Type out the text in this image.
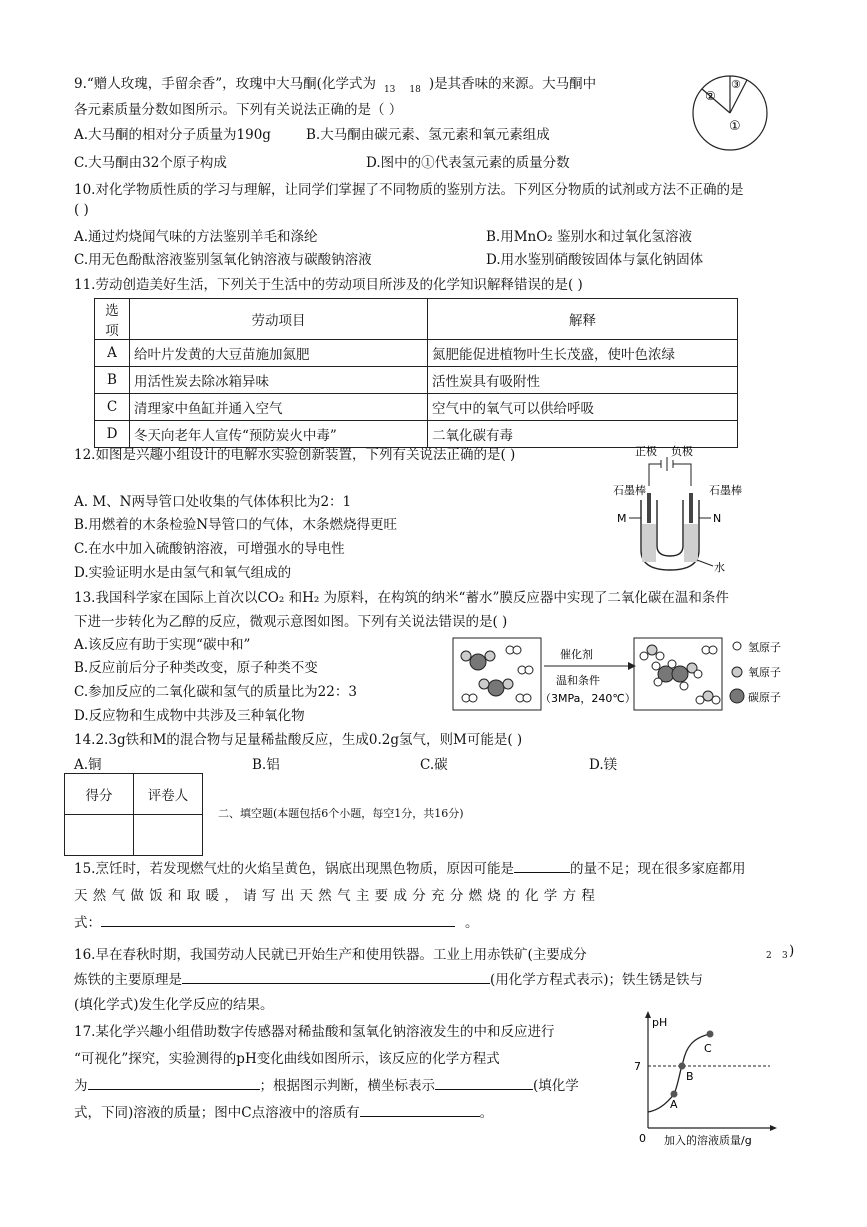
9.“赠人玫瑰，手留余香”，玫瑰中大马酮(化学式为 $_{13}$ $_{18}$ )是其香味的来源。大马酮中
各元素质量分数如图所示。下列有关说法正确的是（ ）
A.大马酮的相对分子质量为190g	B.大马酮由碳元素、氢元素和氧元素组成
C.大马酮由32个原子构成	D.图中的①代表氢元素的质量分数
①
②
③
10.对化学物质性质的学习与理解，让同学们掌握了不同物质的鉴别方法。下列区分物质的试剂或方法不正确的是
( )
A.通过灼烧闻气味的方法鉴别羊毛和涤纶	B.用MnO₂ 鉴别水和过氧化氢溶液
C.用无色酚酞溶液鉴别氢氧化钠溶液与碳酸钠溶液	D.用水鉴别硝酸铵固体与氯化钠固体
11.劳动创造美好生活，下列关于生活中的劳动项目所涉及的化学知识解释错误的是( )
选项	劳动项目	解释
A	给叶片发黄的大豆苗施加氮肥	氮肥能促进植物叶生长茂盛，使叶色浓绿
B	用活性炭去除冰箱异味	活性炭具有吸附性
C	清理家中鱼缸并通入空气	空气中的氧气可以供给呼吸
D	冬天向老年人宣传“预防炭火中毒”	二氧化碳有毒
12.如图是兴趣小组设计的电解水实验创新装置，下列有关说法正确的是( )
A. M、N两导管口处收集的气体体积比为2：1
B.用燃着的木条检验N导管口的气体，木条燃烧得更旺
C.在水中加入硫酸钠溶液，可增强水的导电性
D.实验证明水是由氢气和氧气组成的
正极 负极
石墨棒	石墨棒
M	N
水
13.我国科学家在国际上首次以CO₂ 和H₂ 为原料，在构筑的纳米“蓄水”膜反应器中实现了二氧化碳在温和条件
下进一步转化为乙醇的反应，微观示意图如图。下列有关说法错误的是( )
A.该反应有助于实现“碳中和”
B.反应前后分子种类改变，原子种类不变
C.参加反应的二氧化碳和氢气的质量比为22：3
D.反应物和生成物中共涉及三种氧化物
催化剂
温和条件
（3MPa，240℃）
氢原子
氧原子
碳原子
14.2.3g铁和M的混合物与足量稀盐酸反应，生成0.2g氢气，则M可能是( )
A.铜	B.铝	C.碳	D.镁
得分	评卷人

二、填空题(本题包括6个小题，每空1分，共16分)
15.烹饪时，若发现燃气灶的火焰呈黄色，锅底出现黑色物质，原因可能是	的量不足；现在很多家庭都用
天 然 气 做 饭 和 取 暖 ， 请 写 出 天 然 气 主 要 成 分 充 分 燃 烧 的 化 学 方 程
式：	。
16.早在春秋时期，我国劳动人民就已开始生产和使用铁器。工业上用赤铁矿(主要成分	2 3 )
炼铁的主要原理是	(用化学方程式表示)；铁生锈是铁与
(填化学式)发生化学反应的结果。
17.某化学兴趣小组借助数字传感器对稀盐酸和氢氧化钠溶液发生的中和反应进行
“可视化”探究，实验测得的pH变化曲线如图所示，该反应的化学方程式
为	；根据图示判断，横坐标表示	(填化学
式，下同)溶液的质量；图中C点溶液中的溶质有	。
pH
7
0 加入的溶液质量/g
A
B
C
